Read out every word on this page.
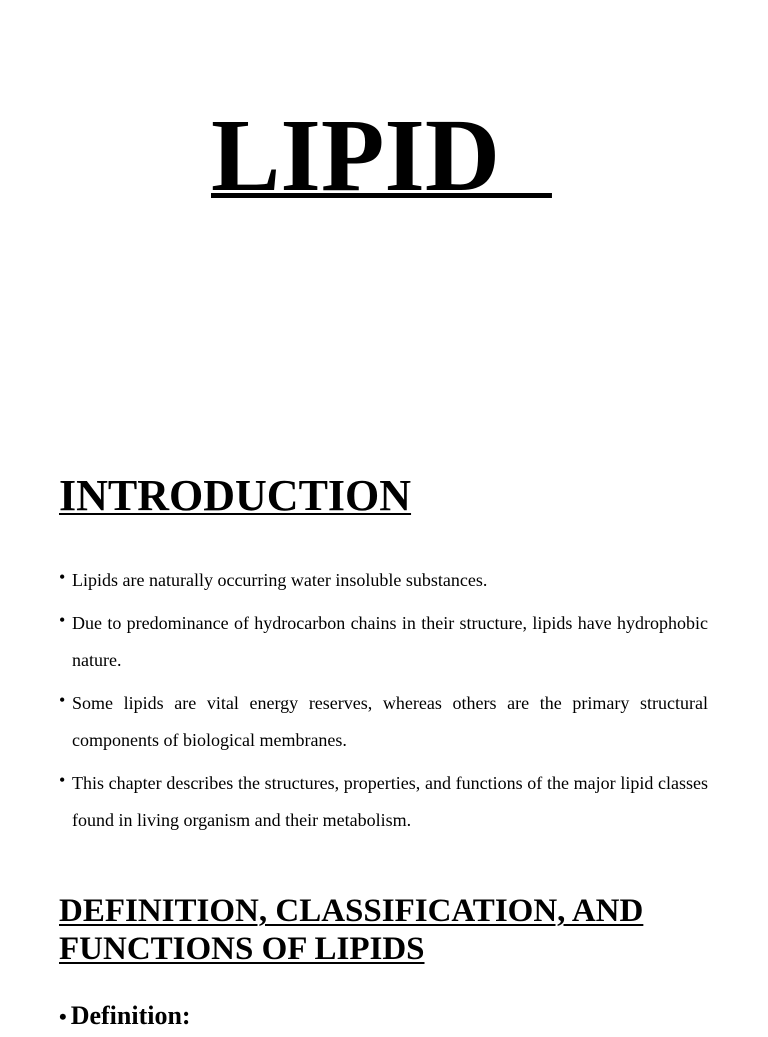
LIPID
INTRODUCTION
• Lipids are naturally occurring water insoluble substances.
• Due to predominance of hydrocarbon chains in their structure, lipids have hydrophobic nature.
• Some lipids are vital energy reserves, whereas others are the primary structural components of biological membranes.
• This chapter describes the structures, properties, and functions of the major lipid classes found in living organism and their metabolism.
DEFINITION, CLASSIFICATION, AND
FUNCTIONS OF LIPIDS
• Definition:
